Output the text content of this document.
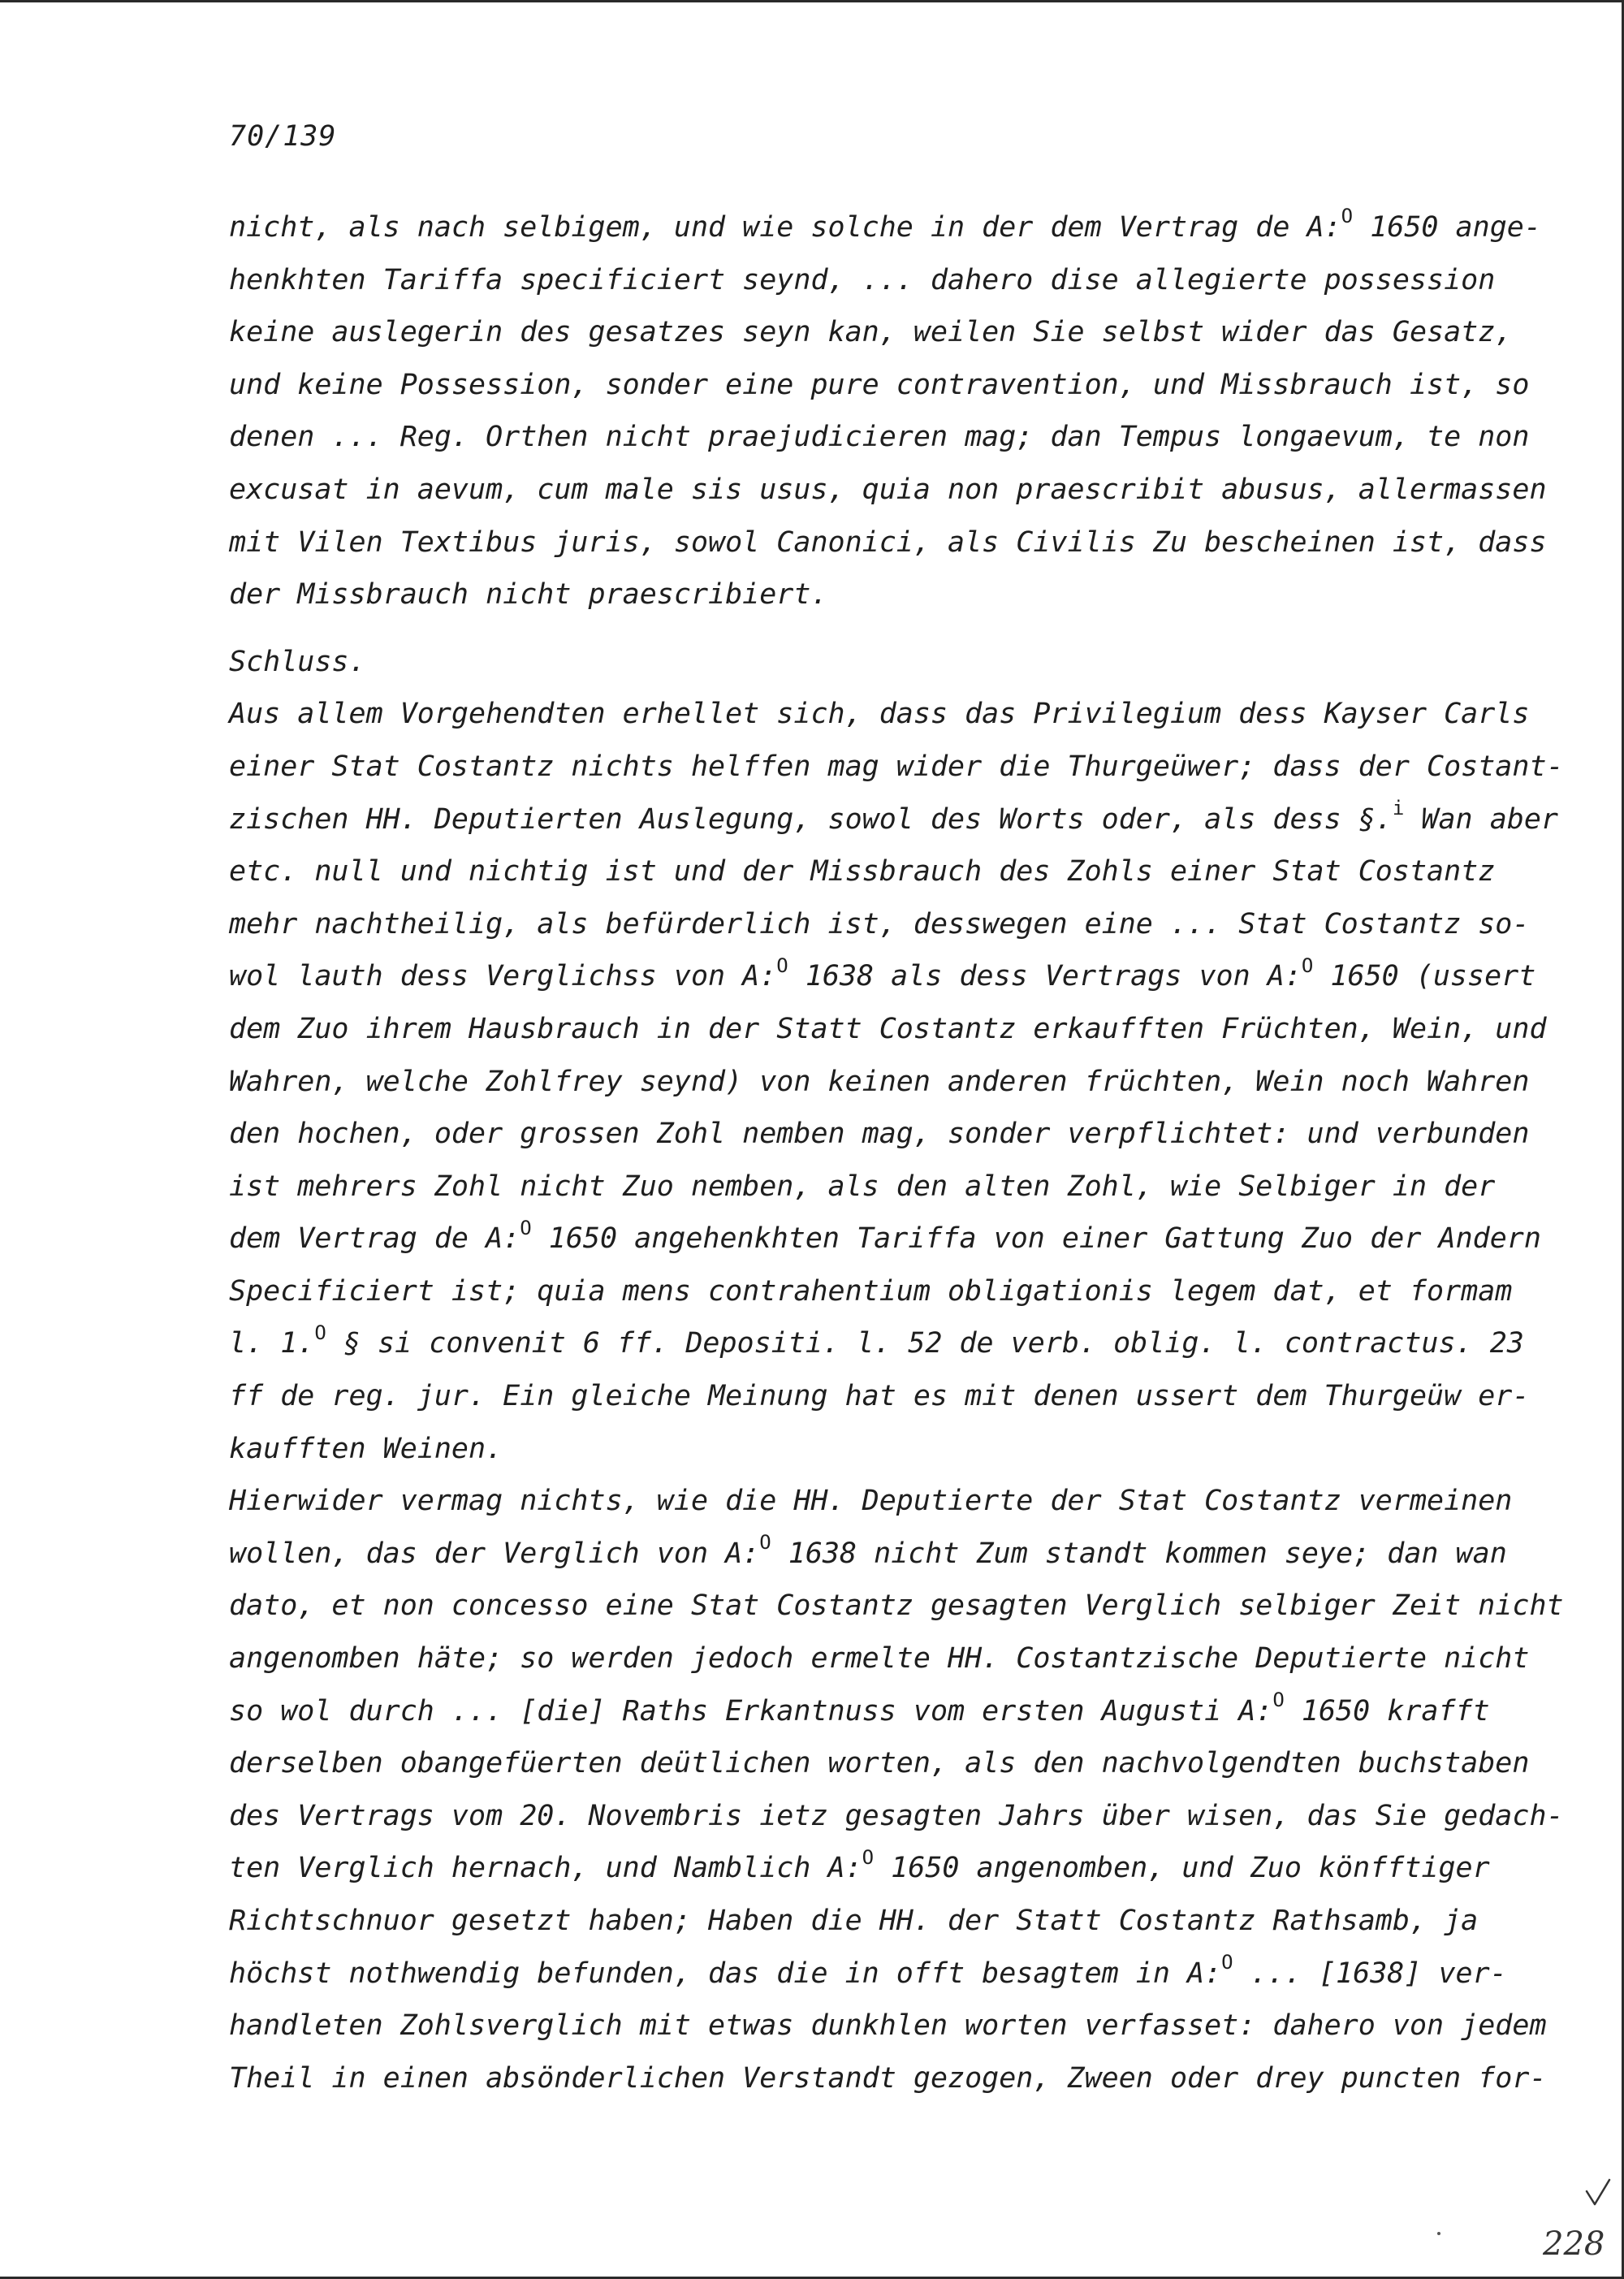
70/139
nicht, als nach selbigem, und wie solche in der dem Vertrag de A:$^O$ 1650 ange-
henkhten Tariffa specificiert seynd, ... dahero dise allegierte possession
keine auslegerin des gesatzes seyn kan, weilen Sie selbst wider das Gesatz,
und keine Possession, sonder eine pure contravention, und Missbrauch ist, so
denen ... Reg. Orthen nicht praejudicieren mag; dan Tempus longaevum, te non
excusat in aevum, cum male sis usus, quia non praescribit abusus, allermassen
mit Vilen Textibus juris, sowol Canonici, als Civilis Zu bescheinen ist, dass
der Missbrauch nicht praescribiert.
Schluss.
Aus allem Vorgehendten erhellet sich, dass das Privilegium dess Kayser Carls
einer Stat Costantz nichts helffen mag wider die Thurgeüwer; dass der Costant-
zischen HH. Deputierten Auslegung, sowol des Worts oder, als dess §.$^i$ Wan aber
etc. null und nichtig ist und der Missbrauch des Zohls einer Stat Costantz
mehr nachtheilig, als befürderlich ist, desswegen eine ... Stat Costantz so-
wol lauth dess Verglichss von A:$^O$ 1638 als dess Vertrags von A:$^O$ 1650 (ussert
dem Zuo ihrem Hausbrauch in der Statt Costantz erkaufften Früchten, Wein, und
Wahren, welche Zohlfrey seynd) von keinen anderen früchten, Wein noch Wahren
den hochen, oder grossen Zohl nemben mag, sonder verpflichtet: und verbunden
ist mehrers Zohl nicht Zuo nemben, als den alten Zohl, wie Selbiger in der
dem Vertrag de A:$^O$ 1650 angehenkhten Tariffa von einer Gattung Zuo der Andern
Specificiert ist; quia mens contrahentium obligationis legem dat, et formam
l. 1.$^O$ § si convenit 6 ff. Depositi. l. 52 de verb. oblig. l. contractus. 23
ff de reg. jur. Ein gleiche Meinung hat es mit denen ussert dem Thurgeüw er-
kaufften Weinen.
Hierwider vermag nichts, wie die HH. Deputierte der Stat Costantz vermeinen
wollen, das der Verglich von A:$^O$ 1638 nicht Zum standt kommen seye; dan wan
dato, et non concesso eine Stat Costantz gesagten Verglich selbiger Zeit nicht
angenomben häte; so werden jedoch ermelte HH. Costantzische Deputierte nicht
so wol durch ... [die] Raths Erkantnuss vom ersten Augusti A:$^O$ 1650 krafft
derselben obangefüerten deütlichen worten, als den nachvolgendten buchstaben
des Vertrags vom 20. Novembris ietz gesagten Jahrs über wisen, das Sie gedach-
ten Verglich hernach, und Namblich A:$^O$ 1650 angenomben, und Zuo könfftiger
Richtschnuor gesetzt haben; Haben die HH. der Statt Costantz Rathsamb, ja
höchst nothwendig befunden, das die in offt besagtem in A:$^O$ ... [1638] ver-
handleten Zohlsverglich mit etwas dunkhlen worten verfasset: dahero von jedem
Theil in einen absönderlichen Verstandt gezogen, Zween oder drey puncten for-
228
